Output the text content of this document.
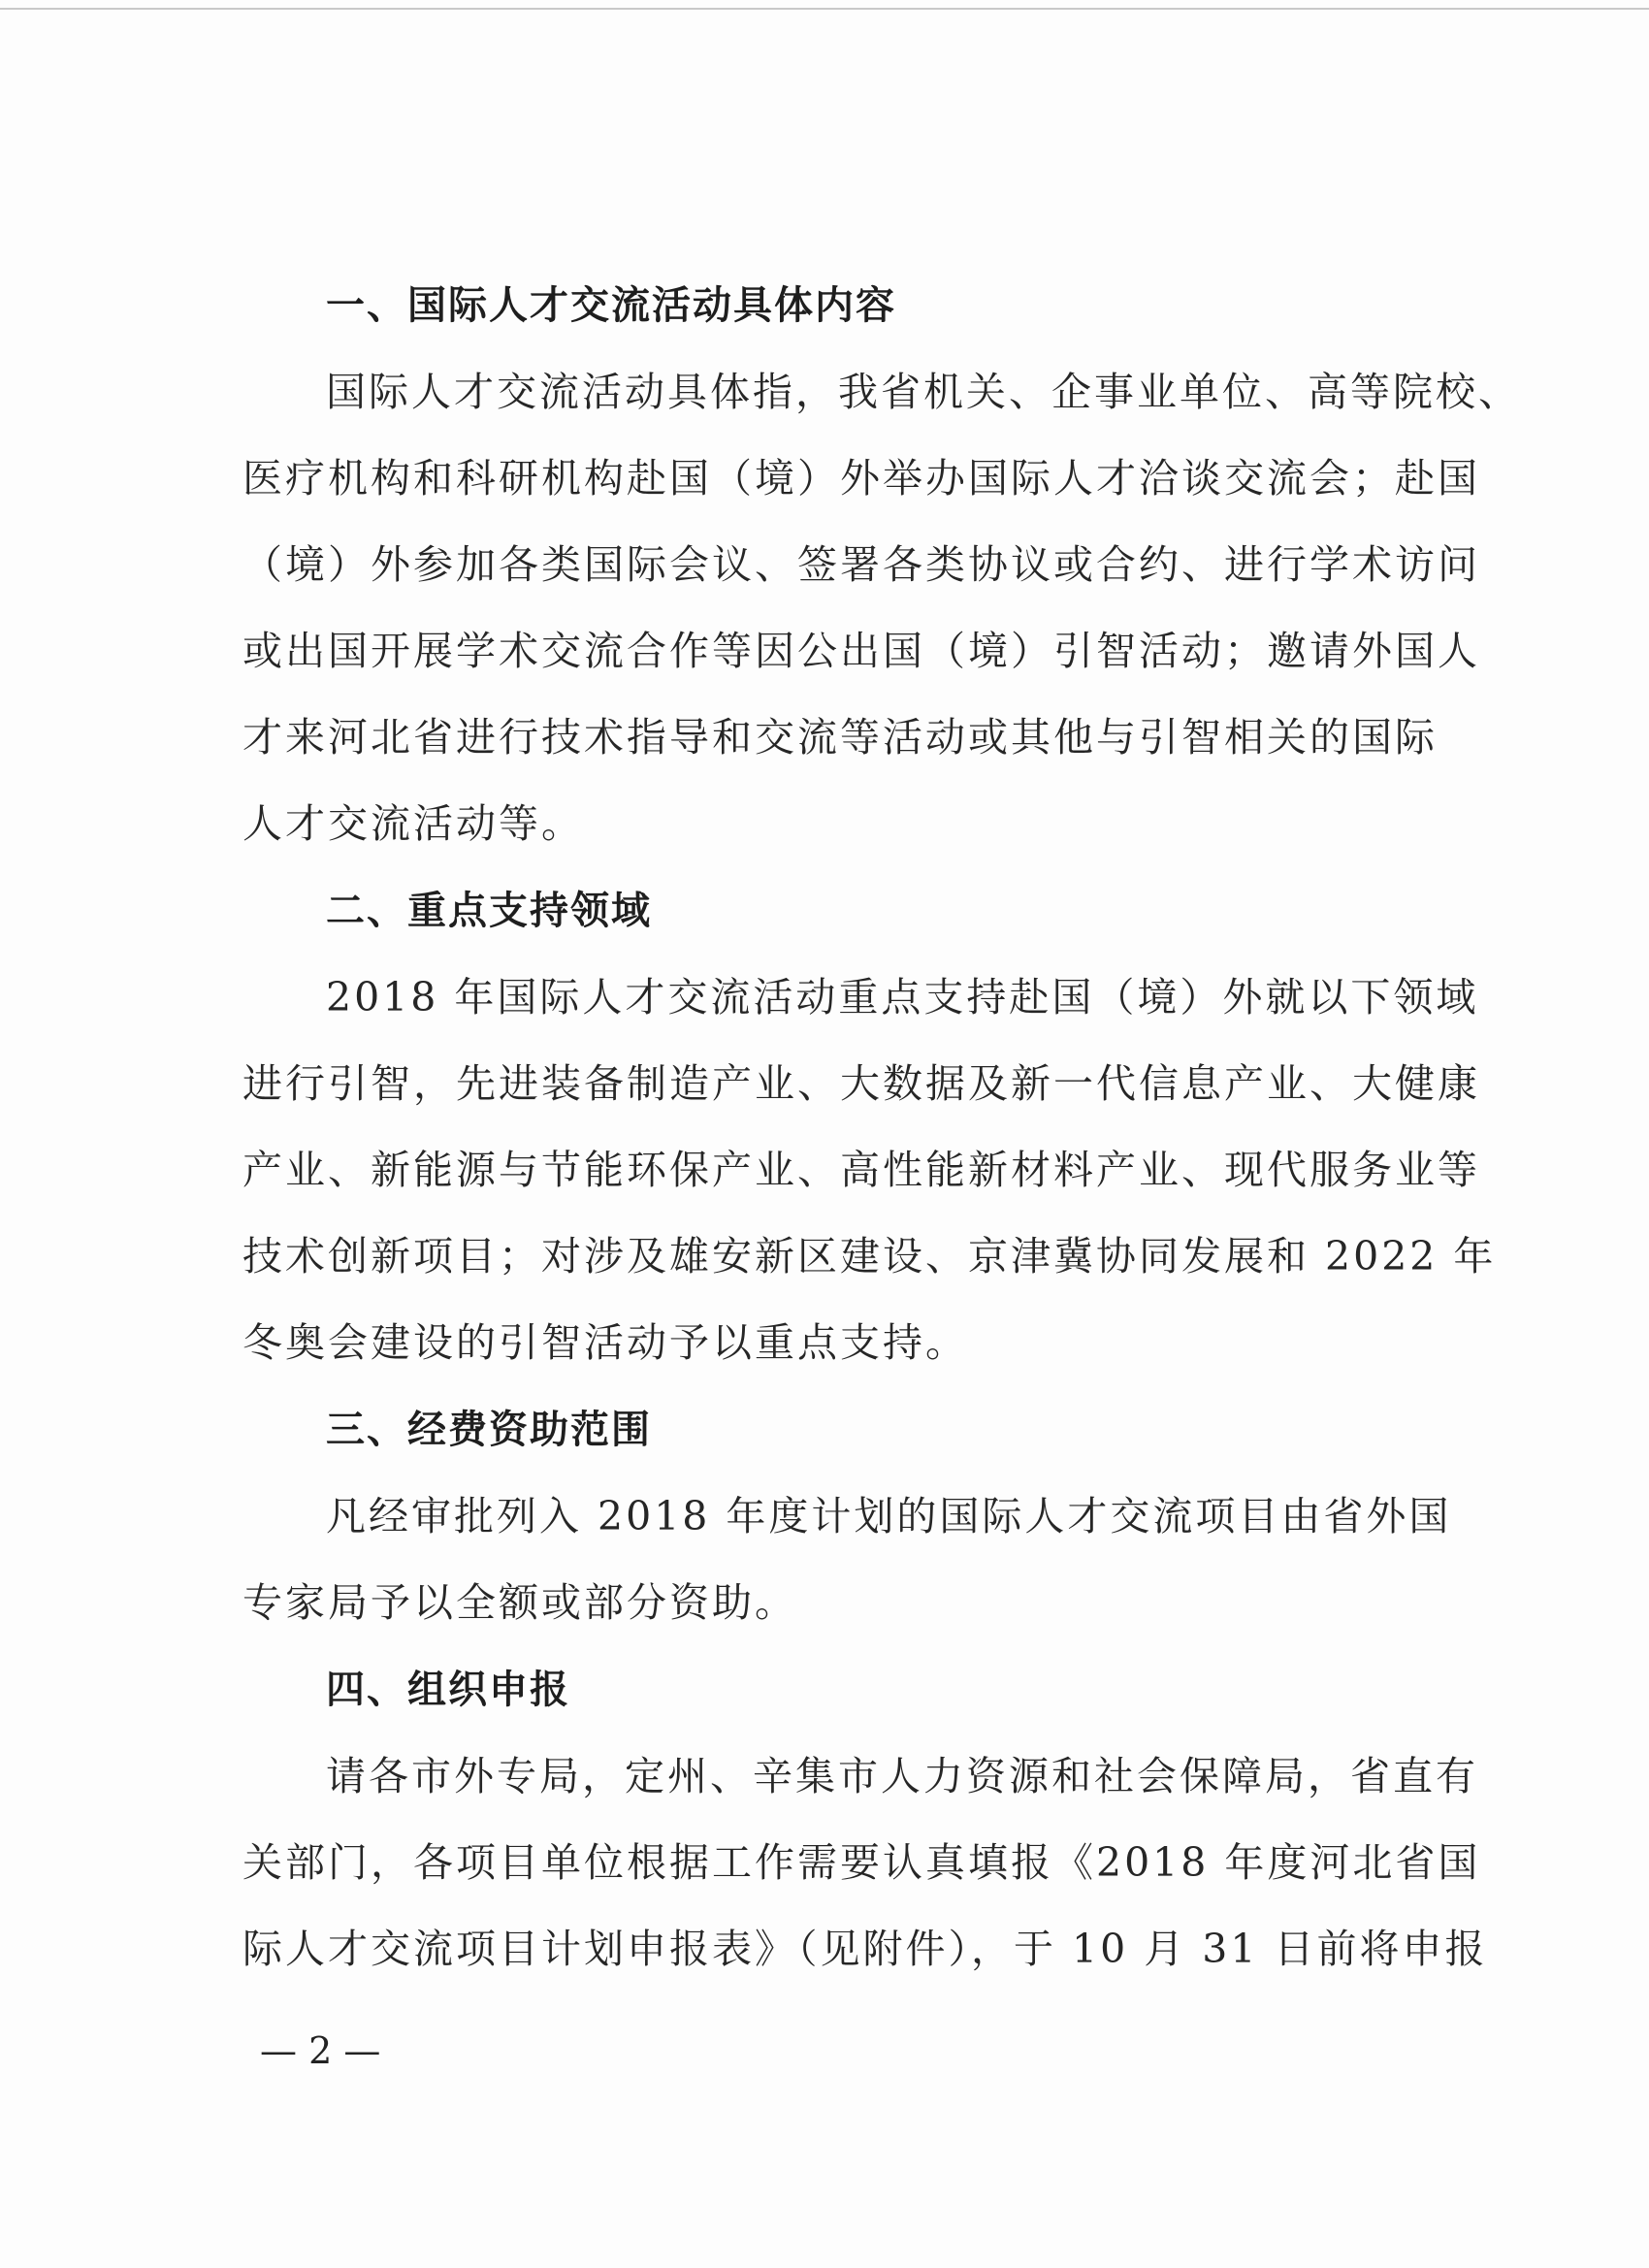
一、国际人才交流活动具体内容
国际人才交流活动具体指，我省机关、企事业单位、高等院校、
医疗机构和科研机构赴国（境）外举办国际人才洽谈交流会；赴国
（境）外参加各类国际会议、签署各类协议或合约、进行学术访问
或出国开展学术交流合作等因公出国（境）引智活动；邀请外国人
才来河北省进行技术指导和交流等活动或其他与引智相关的国际
人才交流活动等。
二、重点支持领域
2018 年国际人才交流活动重点支持赴国（境）外就以下领域
进行引智，先进装备制造产业、大数据及新一代信息产业、大健康
产业、新能源与节能环保产业、高性能新材料产业、现代服务业等
技术创新项目；对涉及雄安新区建设、京津冀协同发展和 2022 年
冬奥会建设的引智活动予以重点支持。
三、经费资助范围
凡经审批列入 2018 年度计划的国际人才交流项目由省外国
专家局予以全额或部分资助。
四、组织申报
请各市外专局，定州、辛集市人力资源和社会保障局，省直有
关部门，各项目单位根据工作需要认真填报《2018 年度河北省国
际人才交流项目计划申报表》（见附件），于 10 月 31 日前将申报
— 2 —
